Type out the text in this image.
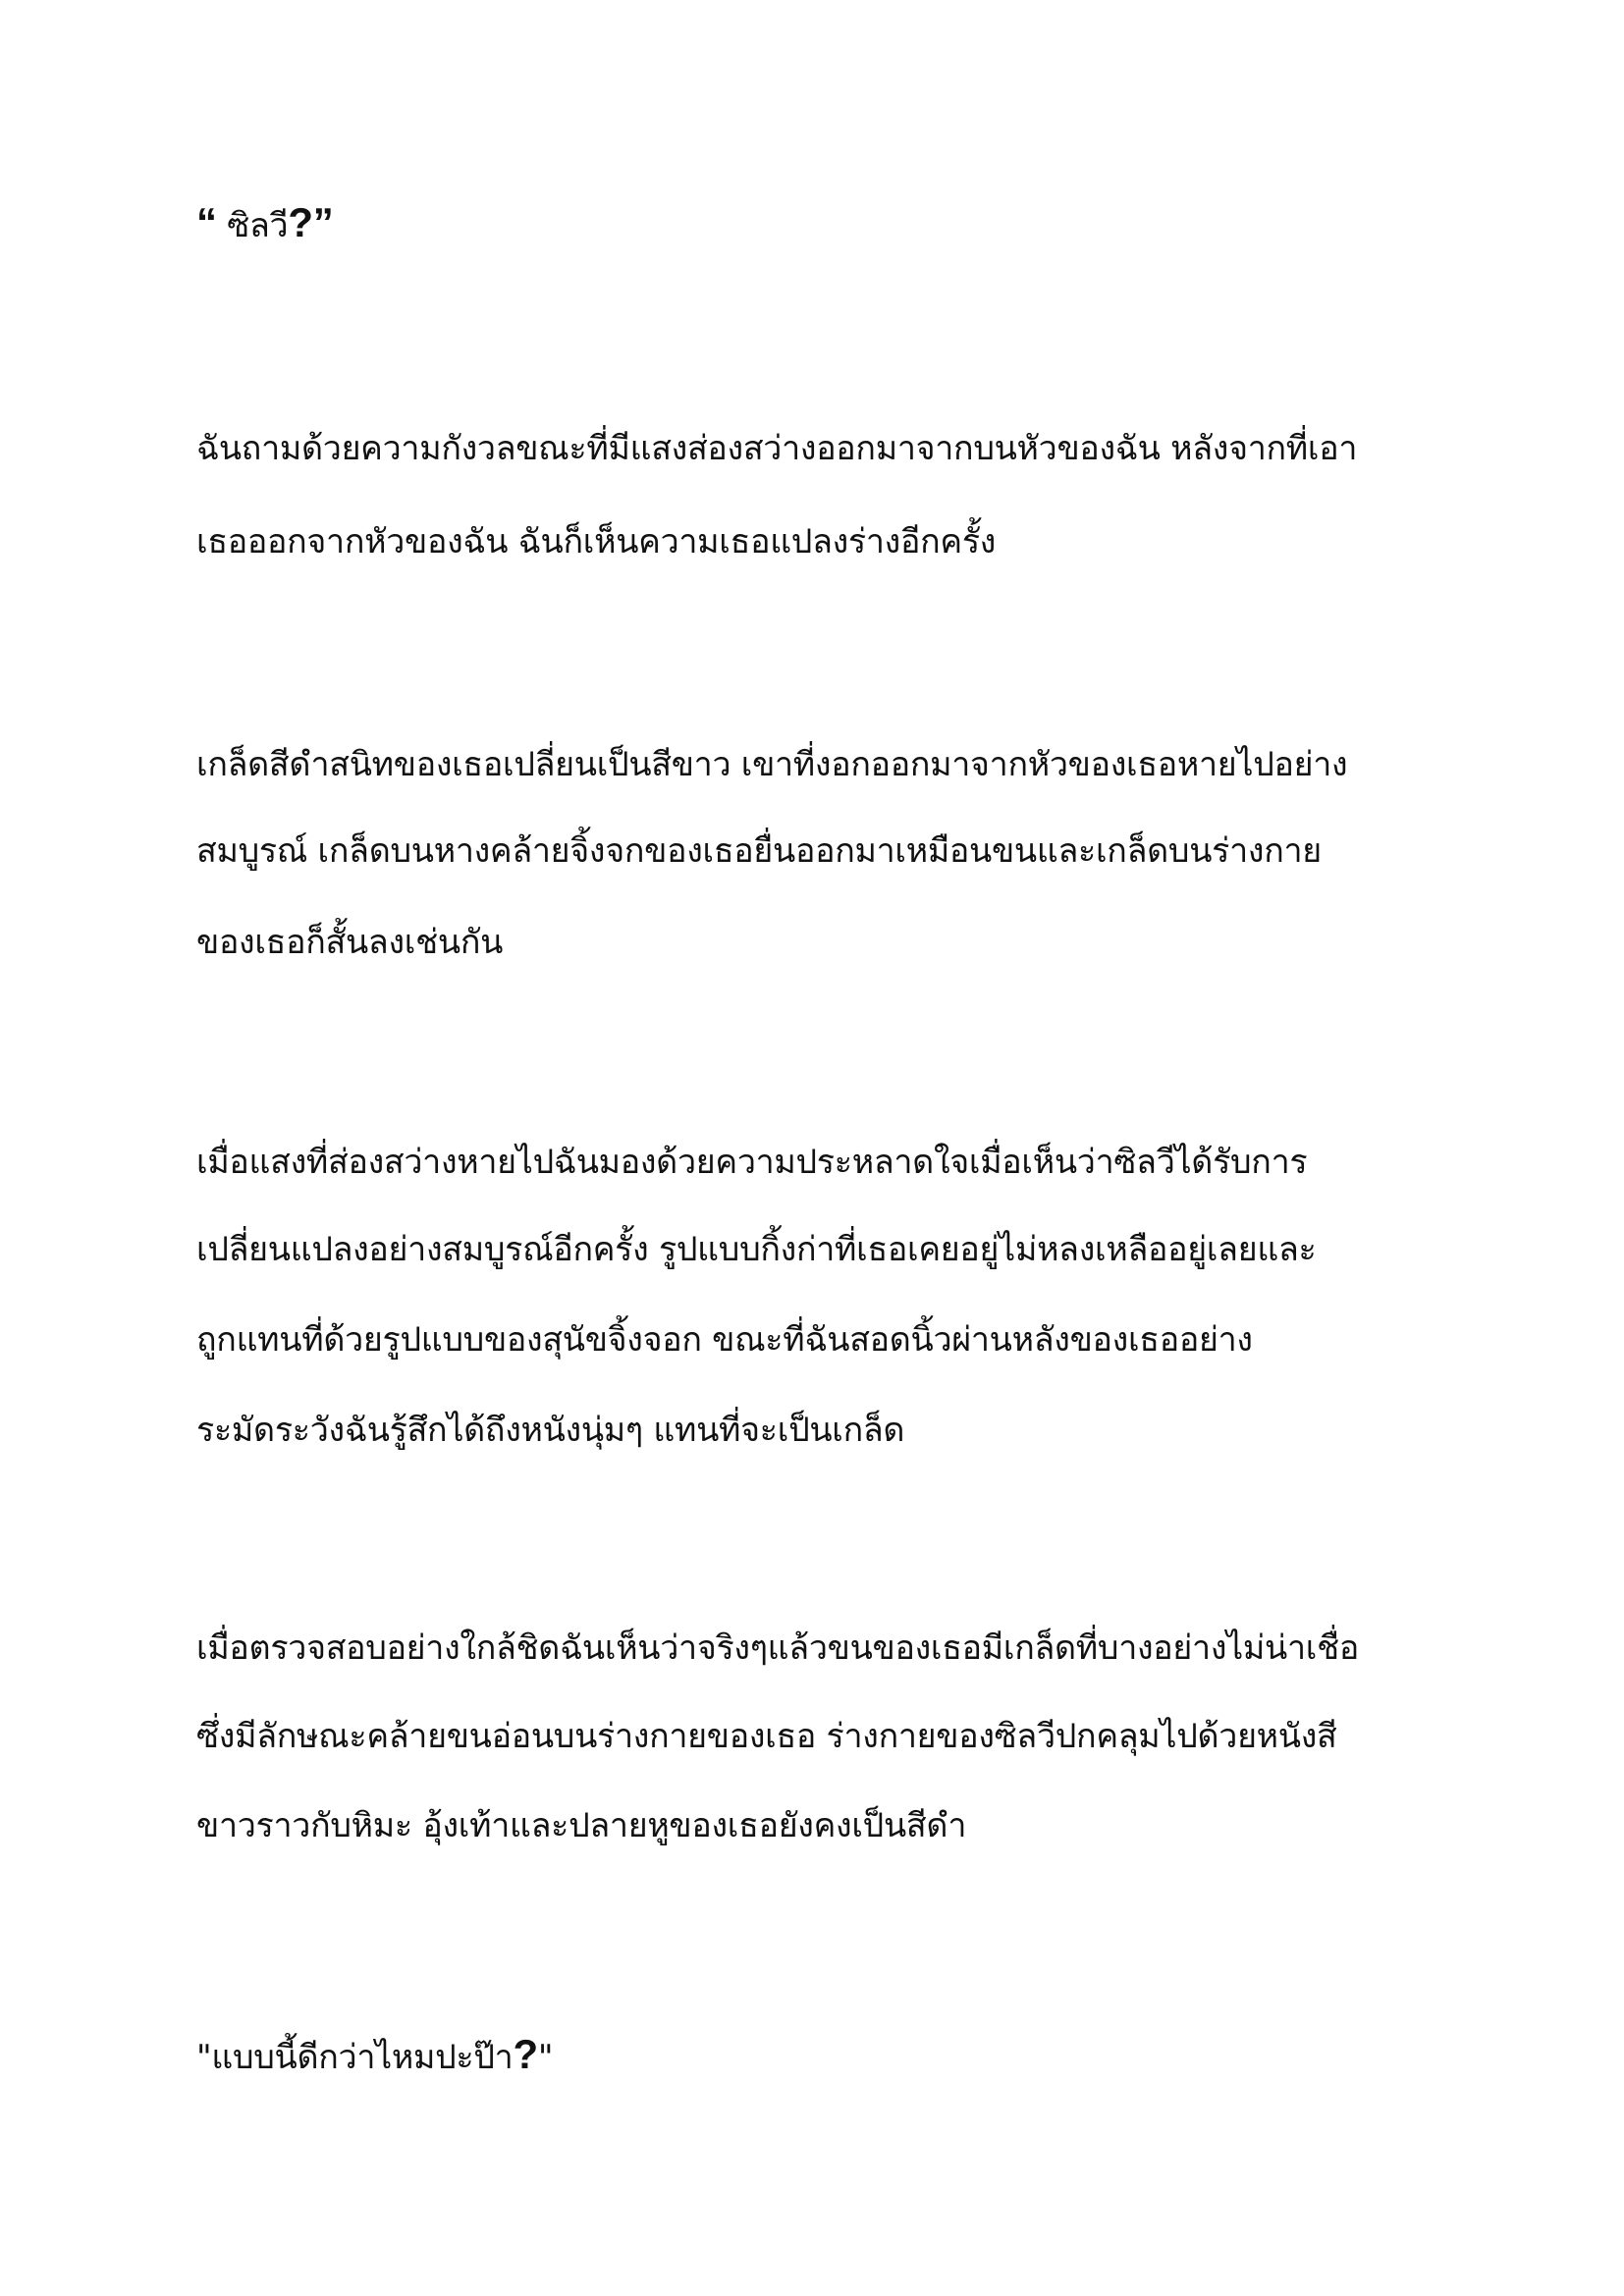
“ ซิลวี?”
ฉันถามด้วยความกังวลขณะที่มีแสงส่องสว่างออกมาจากบนหัวของฉัน หลังจากที่เอา
เธอออกจากหัวของฉัน ฉันก็เห็นความเธอแปลงร่างอีกครั้ง
เกล็ดสีดำสนิทของเธอเปลี่ยนเป็นสีขาว เขาที่งอกออกมาจากหัวของเธอหายไปอย่าง
สมบูรณ์ เกล็ดบนหางคล้ายจิ้งจกของเธอยื่นออกมาเหมือนขนและเกล็ดบนร่างกาย
ของเธอก็สั้นลงเช่นกัน
เมื่อแสงที่ส่องสว่างหายไปฉันมองด้วยความประหลาดใจเมื่อเห็นว่าซิลวีได้รับการ
เปลี่ยนแปลงอย่างสมบูรณ์อีกครั้ง รูปแบบกิ้งก่าที่เธอเคยอยู่ไม่หลงเหลืออยู่เลยและ
ถูกแทนที่ด้วยรูปแบบของสุนัขจิ้งจอก ขณะที่ฉันสอดนิ้วผ่านหลังของเธออย่าง
ระมัดระวังฉันรู้สึกได้ถึงหนังนุ่มๆ แทนที่จะเป็นเกล็ด
เมื่อตรวจสอบอย่างใกล้ชิดฉันเห็นว่าจริงๆแล้วขนของเธอมีเกล็ดที่บางอย่างไม่น่าเชื่อ
ซึ่งมีลักษณะคล้ายขนอ่อนบนร่างกายของเธอ ร่างกายของซิลวีปกคลุมไปด้วยหนังสี
ขาวราวกับหิมะ อุ้งเท้าและปลายหูของเธอยังคงเป็นสีดำ
"แบบนี้ดีกว่าไหมปะป๊า?"
